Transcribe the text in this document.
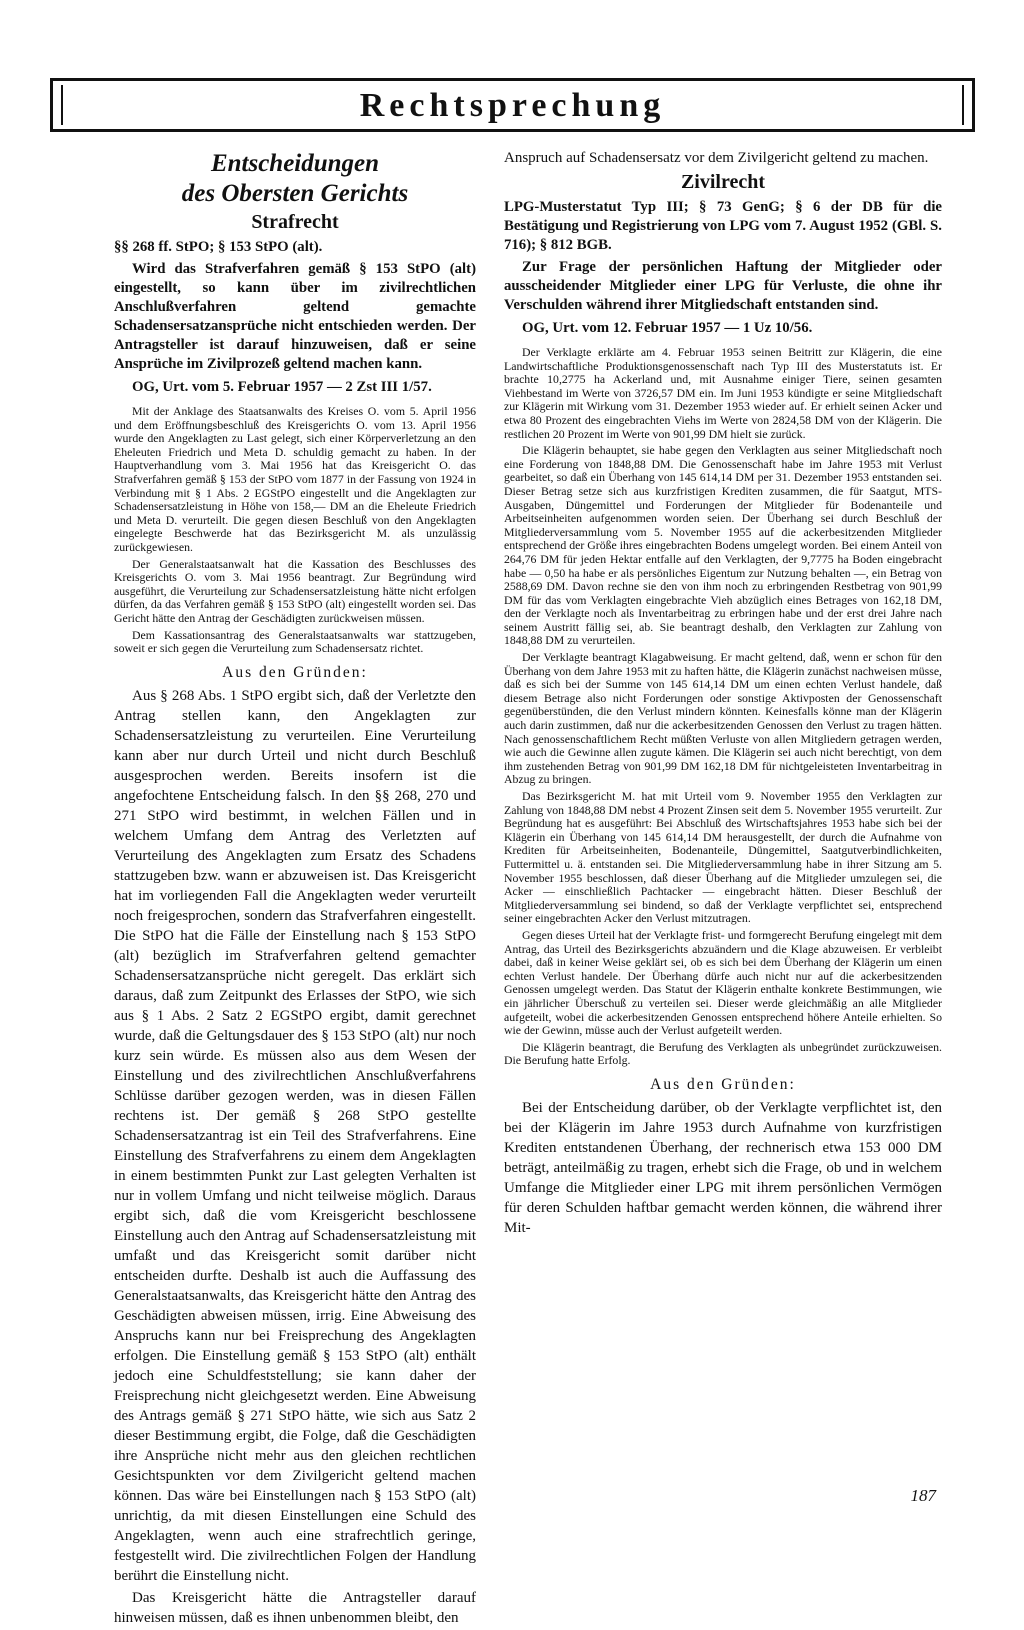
Rechtsprechung
Entscheidungen
des Obersten Gerichts
Strafrecht

§§ 268 ff. StPO; § 153 StPO (alt).

Wird das Strafverfahren gemäß § 153 StPO (alt) eingestellt, so kann über im zivilrechtlichen Anschlußverfahren geltend gemachte Schadensersatzansprüche nicht entschieden werden. Der Antragsteller ist darauf hinzuweisen, daß er seine Ansprüche im Zivilprozeß geltend machen kann.

OG, Urt. vom 5. Februar 1957 — 2 Zst III 1/57.

Mit der Anklage des Staatsanwalts des Kreises O. vom 5. April 1956 und dem Eröffnungsbeschluß des Kreisgerichts O. vom 13. April 1956 wurde den Angeklagten zu Last gelegt, sich einer Körperverletzung an den Eheleuten Friedrich und Meta D. schuldig gemacht zu haben. In der Hauptverhandlung vom 3. Mai 1956 hat das Kreisgericht O. das Strafverfahren gemäß § 153 der StPO vom 1877 in der Fassung von 1924 in Verbindung mit § 1 Abs. 2 EGStPO eingestellt und die Angeklagten zur Schadensersatzleistung in Höhe von 158,— DM an die Eheleute Friedrich und Meta D. verurteilt. Die gegen diesen Beschluß von den Angeklagten eingelegte Beschwerde hat das Bezirksgericht M. als unzulässig zurückgewiesen.

Der Generalstaatsanwalt hat die Kassation des Beschlusses des Kreisgerichts O. vom 3. Mai 1956 beantragt. Zur Begründung wird ausgeführt, die Verurteilung zur Schadensersatzleistung hätte nicht erfolgen dürfen, da das Verfahren gemäß § 153 StPO (alt) eingestellt worden sei. Das Gericht hätte den Antrag der Geschädigten zurückweisen müssen.

Dem Kassationsantrag des Generalstaatsanwalts war stattzugeben, soweit er sich gegen die Verurteilung zum Schadensersatz richtet.

Aus den Gründen:

Aus § 268 Abs. 1 StPO ergibt sich, daß der Verletzte den Antrag stellen kann, den Angeklagten zur Schadensersatzleistung zu verurteilen. Eine Verurteilung kann aber nur durch Urteil und nicht durch Beschluß ausgesprochen werden. Bereits insofern ist die angefochtene Entscheidung falsch. In den §§ 268, 270 und 271 StPO wird bestimmt, in welchen Fällen und in welchem Umfang dem Antrag des Verletzten auf Verurteilung des Angeklagten zum Ersatz des Schadens stattzugeben bzw. wann er abzuweisen ist. Das Kreisgericht hat im vorliegenden Fall die Angeklagten weder verurteilt noch freigesprochen, sondern das Strafverfahren eingestellt. Die StPO hat die Fälle der Einstellung nach § 153 StPO (alt) bezüglich im Strafverfahren geltend gemachter Schadensersatzansprüche nicht geregelt. Das erklärt sich daraus, daß zum Zeitpunkt des Erlasses der StPO, wie sich aus § 1 Abs. 2 Satz 2 EGStPO ergibt, damit gerechnet wurde, daß die Geltungsdauer des § 153 StPO (alt) nur noch kurz sein würde. Es müssen also aus dem Wesen der Einstellung und des zivilrechtlichen Anschlußverfahrens Schlüsse darüber gezogen werden, was in diesen Fällen rechtens ist. Der gemäß § 268 StPO gestellte Schadensersatzantrag ist ein Teil des Strafverfahrens. Eine Einstellung des Strafverfahrens zu einem dem Angeklagten in einem bestimmten Punkt zur Last gelegten Verhalten ist nur in vollem Umfang und nicht teilweise möglich. Daraus ergibt sich, daß die vom Kreisgericht beschlossene Einstellung auch den Antrag auf Schadensersatzleistung mit umfaßt und das Kreisgericht somit darüber nicht entscheiden durfte. Deshalb ist auch die Auffassung des Generalstaatsanwalts, das Kreisgericht hätte den Antrag des Geschädigten abweisen müssen, irrig. Eine Abweisung des Anspruchs kann nur bei Freisprechung des Angeklagten erfolgen. Die Einstellung gemäß § 153 StPO (alt) enthält jedoch eine Schuldfeststellung; sie kann daher der Freisprechung nicht gleichgesetzt werden. Eine Abweisung des Antrags gemäß § 271 StPO hätte, wie sich aus Satz 2 dieser Bestimmung ergibt, die Folge, daß die Geschädigten ihre Ansprüche nicht mehr aus den gleichen rechtlichen Gesichtspunkten vor dem Zivilgericht geltend machen können. Das wäre bei Einstellungen nach § 153 StPO (alt) unrichtig, da mit diesen Einstellungen eine Schuld des Angeklagten, wenn auch eine strafrechtlich geringe, festgestellt wird. Die zivilrechtlichen Folgen der Handlung berührt die Einstellung nicht.

Das Kreisgericht hätte die Antragsteller darauf hinweisen müssen, daß es ihnen unbenommen bleibt, den

Anspruch auf Schadensersatz vor dem Zivilgericht geltend zu machen.

Zivilrecht

LPG-Musterstatut Typ III; § 73 GenG; § 6 der DB für die Bestätigung und Registrierung von LPG vom 7. August 1952 (GBl. S. 716); § 812 BGB.

Zur Frage der persönlichen Haftung der Mitglieder oder ausscheidender Mitglieder einer LPG für Verluste, die ohne ihr Verschulden während ihrer Mitgliedschaft entstanden sind.

OG, Urt. vom 12. Februar 1957 — 1 Uz 10/56.

Der Verklagte erklärte am 4. Februar 1953 seinen Beitritt zur Klägerin, die eine Landwirtschaftliche Produktionsgenossenschaft nach Typ III des Musterstatuts ist. Er brachte 10,2775 ha Ackerland und, mit Ausnahme einiger Tiere, seinen gesamten Viehbestand im Werte von 3726,57 DM ein. Im Juni 1953 kündigte er seine Mitgliedschaft zur Klägerin mit Wirkung vom 31. Dezember 1953 wieder auf. Er erhielt seinen Acker und etwa 80 Prozent des eingebrachten Viehs im Werte von 2824,58 DM von der Klägerin. Die restlichen 20 Prozent im Werte von 901,99 DM hielt sie zurück.

Die Klägerin behauptet, sie habe gegen den Verklagten aus seiner Mitgliedschaft noch eine Forderung von 1848,88 DM. Die Genossenschaft habe im Jahre 1953 mit Verlust gearbeitet, so daß ein Überhang von 145 614,14 DM per 31. Dezember 1953 entstanden sei. Dieser Betrag setze sich aus kurzfristigen Krediten zusammen, die für Saatgut, MTS-Ausgaben, Düngemittel und Forderungen der Mitglieder für Bodenanteile und Arbeitseinheiten aufgenommen worden seien. Der Überhang sei durch Beschluß der Mitgliederversammlung vom 5. November 1955 auf die ackerbesitzenden Mitglieder entsprechend der Größe ihres eingebrachten Bodens umgelegt worden. Bei einem Anteil von 264,76 DM für jeden Hektar entfalle auf den Verklagten, der 9,7775 ha Boden eingebracht habe — 0,50 ha habe er als persönliches Eigentum zur Nutzung behalten —, ein Betrag von 2588,69 DM. Davon rechne sie den von ihm noch zu erbringenden Restbetrag von 901,99 DM für das vom Verklagten eingebrachte Vieh abzüglich eines Betrages von 162,18 DM, den der Verklagte noch als Inventarbeitrag zu erbringen habe und der erst drei Jahre nach seinem Austritt fällig sei, ab. Sie beantragt deshalb, den Verklagten zur Zahlung von 1848,88 DM zu verurteilen.

Der Verklagte beantragt Klagabweisung. Er macht geltend, daß, wenn er schon für den Überhang von dem Jahre 1953 mit zu haften hätte, die Klägerin zunächst nachweisen müsse, daß es sich bei der Summe von 145 614,14 DM um einen echten Verlust handele, daß diesem Betrage also nicht Forderungen oder sonstige Aktivposten der Genossenschaft gegenüberstünden, die den Verlust mindern könnten. Keinesfalls könne man der Klägerin auch darin zustimmen, daß nur die ackerbesitzenden Genossen den Verlust zu tragen hätten. Nach genossenschaftlichem Recht müßten Verluste von allen Mitgliedern getragen werden, wie auch die Gewinne allen zugute kämen. Die Klägerin sei auch nicht berechtigt, von dem ihm zustehenden Betrag von 901,99 DM 162,18 DM für nichtgeleisteten Inventarbeitrag in Abzug zu bringen.

Das Bezirksgericht M. hat mit Urteil vom 9. November 1955 den Verklagten zur Zahlung von 1848,88 DM nebst 4 Prozent Zinsen seit dem 5. November 1955 verurteilt. Zur Begründung hat es ausgeführt: Bei Abschluß des Wirtschaftsjahres 1953 habe sich bei der Klägerin ein Überhang von 145 614,14 DM herausgestellt, der durch die Aufnahme von Krediten für Arbeitseinheiten, Bodenanteile, Düngemittel, Saatgutverbindlichkeiten, Futtermittel u. ä. entstanden sei. Die Mitgliederversammlung habe in ihrer Sitzung am 5. November 1955 beschlossen, daß dieser Überhang auf die Mitglieder umzulegen sei, die Acker — einschließlich Pachtacker — eingebracht hätten. Dieser Beschluß der Mitgliederversammlung sei bindend, so daß der Verklagte verpflichtet sei, entsprechend seiner eingebrachten Acker den Verlust mitzutragen.

Gegen dieses Urteil hat der Verklagte frist- und formgerecht Berufung eingelegt mit dem Antrag, das Urteil des Bezirksgerichts abzuändern und die Klage abzuweisen. Er verbleibt dabei, daß in keiner Weise geklärt sei, ob es sich bei dem Überhang der Klägerin um einen echten Verlust handele. Der Überhang dürfe auch nicht nur auf die ackerbesitzenden Genossen umgelegt werden. Das Statut der Klägerin enthalte konkrete Bestimmungen, wie ein jährlicher Überschuß zu verteilen sei. Dieser werde gleichmäßig an alle Mitglieder aufgeteilt, wobei die ackerbesitzenden Genossen entsprechend höhere Anteile erhielten. So wie der Gewinn, müsse auch der Verlust aufgeteilt werden.

Die Klägerin beantragt, die Berufung des Verklagten als unbegründet zurückzuweisen. Die Berufung hatte Erfolg.

Aus den Gründen:

Bei der Entscheidung darüber, ob der Verklagte verpflichtet ist, den bei der Klägerin im Jahre 1953 durch Aufnahme von kurzfristigen Krediten entstandenen Überhang, der rechnerisch etwa 153 000 DM beträgt, anteilmäßig zu tragen, erhebt sich die Frage, ob und in welchem Umfange die Mitglieder einer LPG mit ihrem persönlichen Vermögen für deren Schulden haftbar gemacht werden können, die während ihrer Mit-

187
